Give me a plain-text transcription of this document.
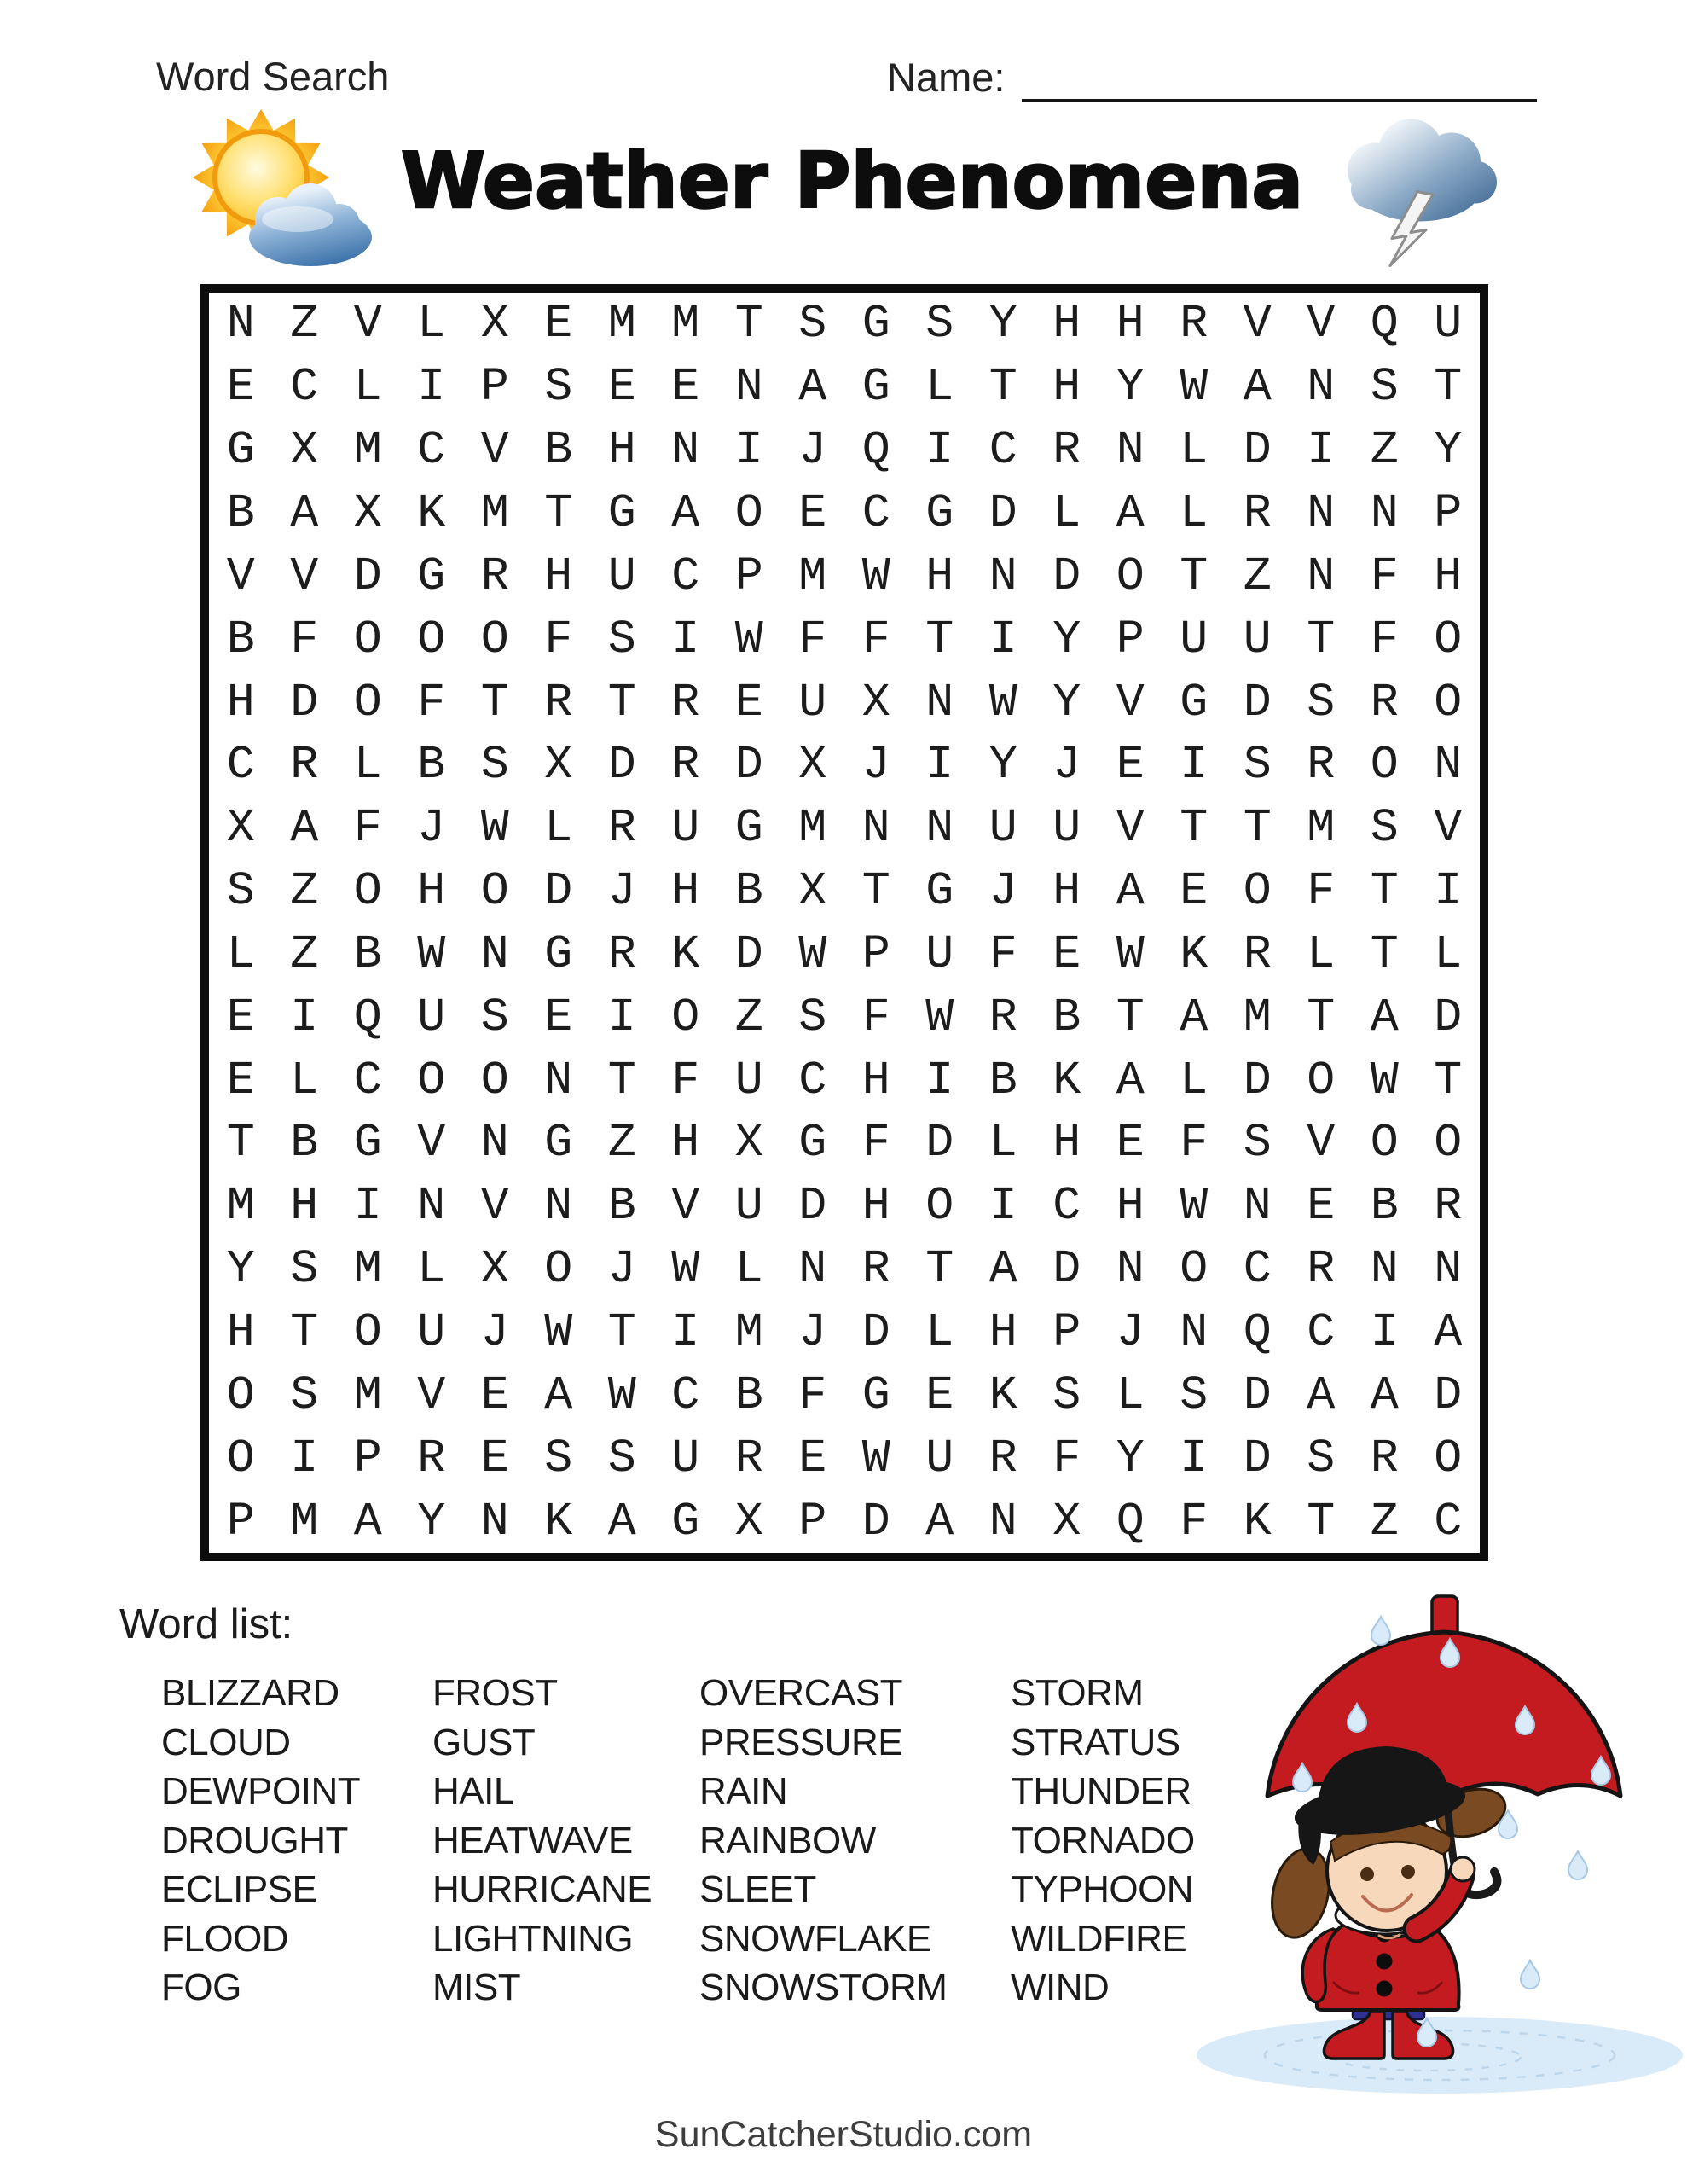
Word Search	Name:
Weather Phenomena
N Z V L X E M M T S G S Y H H R V V Q U
E C L I P S E E N A G L T H Y W A N S T
G X M C V B H N I J Q I C R N L D I Z Y
B A X K M T G A O E C G D L A L R N N P
V V D G R H U C P M W H N D O T Z N F H
B F O O O F S I W F F T I Y P U U T F O
H D O F T R T R E U X N W Y V G D S R O
C R L B S X D R D X J I Y J E I S R O N
X A F J W L R U G M N N U U V T T M S V
S Z O H O D J H B X T G J H A E O F T I
L Z B W N G R K D W P U F E W K R L T L
E I Q U S E I O Z S F W R B T A M T A D
E L C O O N T F U C H I B K A L D O W T
T B G V N G Z H X G F D L H E F S V O O
M H I N V N B V U D H O I C H W N E B R
Y S M L X O J W L N R T A D N O C R N N
H T O U J W T I M J D L H P J N Q C I A
O S M V E A W C B F G E K S L S D A A D
O I P R E S S U R E W U R F Y I D S R O
P M A Y N K A G X P D A N X Q F K T Z C
Word list:
BLIZZARD
CLOUD
DEWPOINT
DROUGHT
ECLIPSE
FLOOD
FOG
FROST
GUST
HAIL
HEATWAVE
HURRICANE
LIGHTNING
MIST
OVERCAST
PRESSURE
RAIN
RAINBOW
SLEET
SNOWFLAKE
SNOWSTORM
STORM
STRATUS
THUNDER
TORNADO
TYPHOON
WILDFIRE
WIND
SunCatcherStudio.com
